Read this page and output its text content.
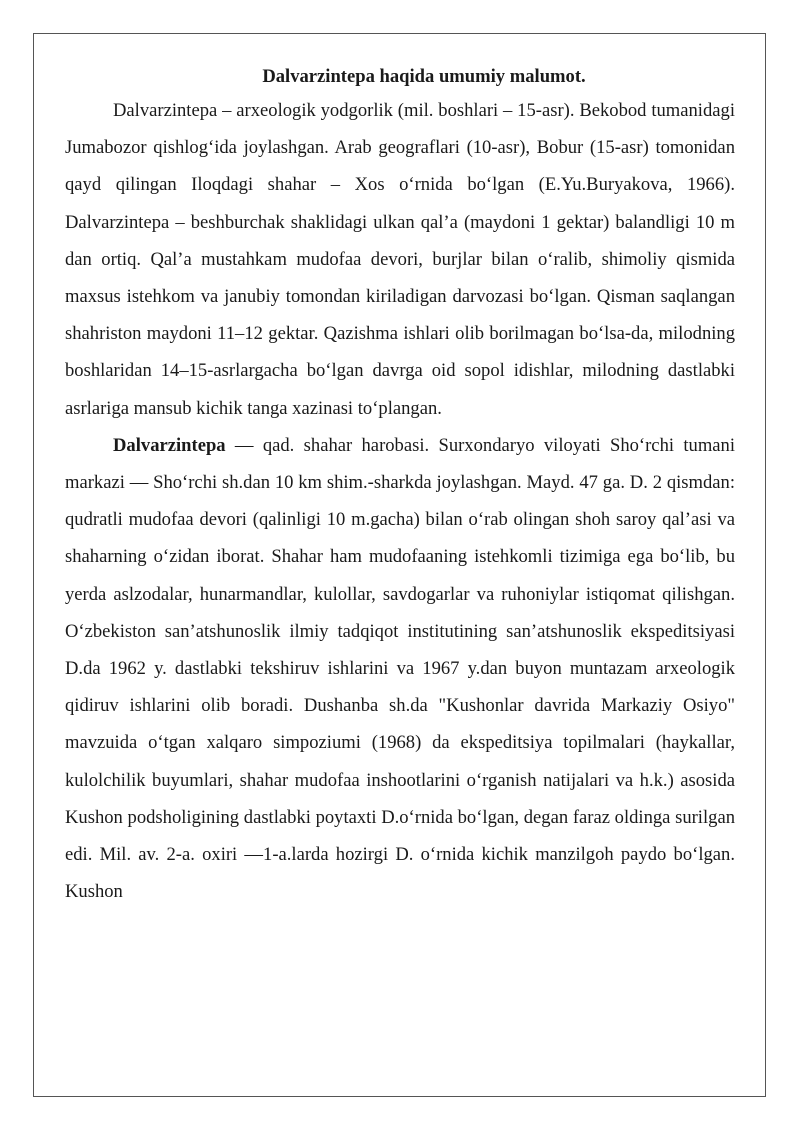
Dalvarzintepa haqida umumiy malumot.

Dalvarzintepa – arxeologik yodgorlik (mil. boshlari – 15-asr). Bekobod tumanidagi Jumabozor qishlog‘ida joylashgan. Arab geograflari (10-asr), Bobur (15-asr) tomonidan qayd qilingan Iloqdagi shahar – Xos o‘rnida bo‘lgan (E.Yu.Buryakova, 1966). Dalvarzintepa – beshburchak shaklidagi ulkan qal’a (maydoni 1 gektar) balandligi 10 m dan ortiq. Qal’a mustahkam mudofaa devori, burjlar bilan o‘ralib, shimoliy qismida maxsus istehkom va janubiy tomondan kiriladigan darvozasi bo‘lgan. Qisman saqlangan shahriston maydoni 11–12 gektar. Qazishma ishlari olib borilmagan bo‘lsa-da, milodning boshlaridan 14–15-asrlargacha bo‘lgan davrga oid sopol idishlar, milodning dastlabki asrlariga mansub kichik tanga xazinasi to‘plangan.

Dalvarzintepa — qad. shahar harobasi. Surxondaryo viloyati Sho‘rchi tumani markazi — Sho‘rchi sh.dan 10 km shim.-sharkda joylashgan. Mayd. 47 ga. D. 2 qismdan: qudratli mudofaa devori (qalinligi 10 m.gacha) bilan o‘rab olingan shoh saroy qal’asi va shaharning o‘zidan iborat. Shahar ham mudofaaning istehkomli tizimiga ega bo‘lib, bu yerda aslzodalar, hunarmandlar, kulollar, savdogarlar va ruhoniylar istiqomat qilishgan. O‘zbekiston san’atshunoslik ilmiy tadqiqot institutining san’atshunoslik ekspeditsiyasi D.da 1962 y. dastlabki tekshiruv ishlarini va 1967 y.dan buyon muntazam arxeologik qidiruv ishlarini olib boradi. Dushanba sh.da "Kushonlar davrida Markaziy Osiyo" mavzuida o‘tgan xalqaro simpoziumi (1968) da ekspeditsiya topilmalari (haykallar, kulolchilik buyumlari, shahar mudofaa inshootlarini o‘rganish natijalari va h.k.) asosida Kushon podsholigining dastlabki poytaxti D.o‘rnida bo‘lgan, degan faraz oldinga surilgan edi. Mil. av. 2-a. oxiri —1-a.larda hozirgi D. o‘rnida kichik manzilgoh paydo bo‘lgan. Kushon
